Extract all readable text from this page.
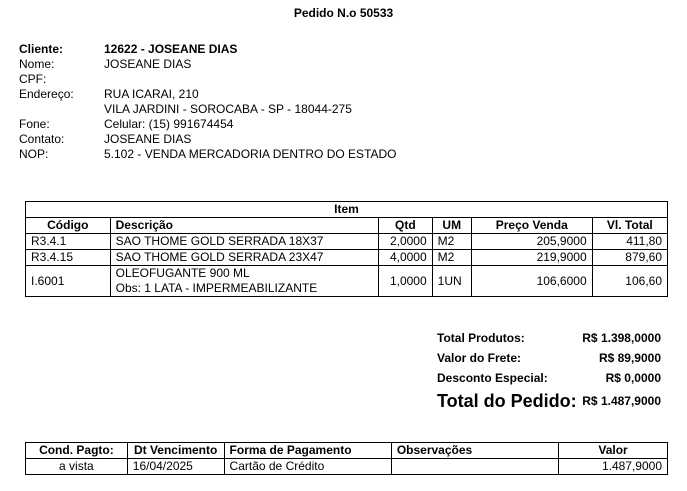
Pedido N.o 50533
Cliente:	12622 - JOSEANE DIAS
Nome:	JOSEANE DIAS
CPF:
Endereço:	RUA ICARAI, 210
VILA JARDINI - SOROCABA - SP - 18044-275
Fone:	Celular: (15) 991674454
Contato:	JOSEANE DIAS
NOP:	5.102 - VENDA MERCADORIA DENTRO DO ESTADO
Item					
Código	Descrição	Qtd	UM	Preço Venda	Vl. Total
R3.4.1	SAO THOME GOLD SERRADA 18X37	2,0000	M2	205,9000	411,80
R3.4.15	SAO THOME GOLD SERRADA 23X47	4,0000	M2	219,9000	879,60
I.6001	OLEOFUGANTE 900 ML
Obs: 1 LATA - IMPERMEABILIZANTE	1,0000	1UN	106,6000	106,60
Total Produtos:	R$ 1.398,0000
Valor do Frete:	R$ 89,9000
Desconto Especial:	R$ 0,0000
Total do Pedido: R$ 1.487,9000
Cond. Pagto:	Dt Vencimento	Forma de Pagamento	Observações	Valor
a vista	16/04/2025	Cartão de Crédito		1.487,9000
